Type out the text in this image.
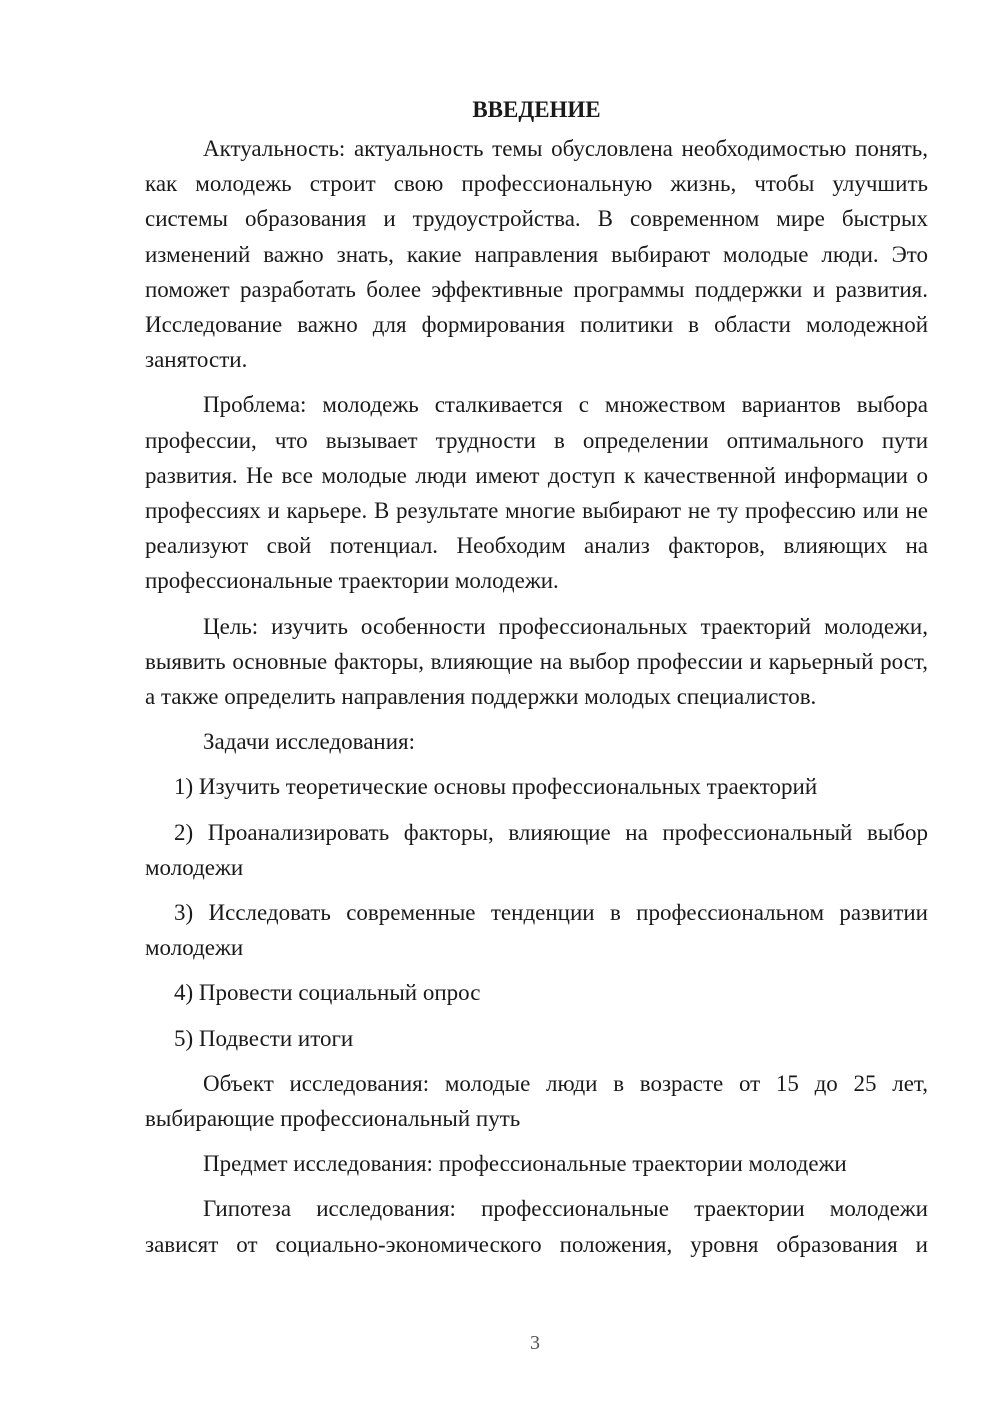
ВВЕДЕНИЕ

Актуальность: актуальность темы обусловлена необходимостью понять, как молодежь строит свою профессиональную жизнь, чтобы улучшить системы образования и трудоустройства. В современном мире быстрых изменений важно знать, какие направления выбирают молодые люди. Это поможет разработать более эффективные программы поддержки и развития. Исследование важно для формирования политики в области молодежной занятости.

Проблема: молодежь сталкивается с множеством вариантов выбора профессии, что вызывает трудности в определении оптимального пути развития. Не все молодые люди имеют доступ к качественной информации о профессиях и карьере. В результате многие выбирают не ту профессию или не реализуют свой потенциал. Необходим анализ факторов, влияющих на профессиональные траектории молодежи.

Цель: изучить особенности профессиональных траекторий молодежи, выявить основные факторы, влияющие на выбор профессии и карьерный рост, а также определить направления поддержки молодых специалистов.

Задачи исследования:

1) Изучить теоретические основы профессиональных траекторий

2) Проанализировать факторы, влияющие на профессиональный выбор молодежи

3) Исследовать современные тенденции в профессиональном развитии молодежи

4) Провести социальный опрос

5) Подвести итоги

Объект исследования: молодые люди в возрасте от 15 до 25 лет, выбирающие профессиональный путь

Предмет исследования: профессиональные траектории молодежи

Гипотеза исследования: профессиональные траектории молодежи зависят от социально-экономического положения, уровня образования и

3
